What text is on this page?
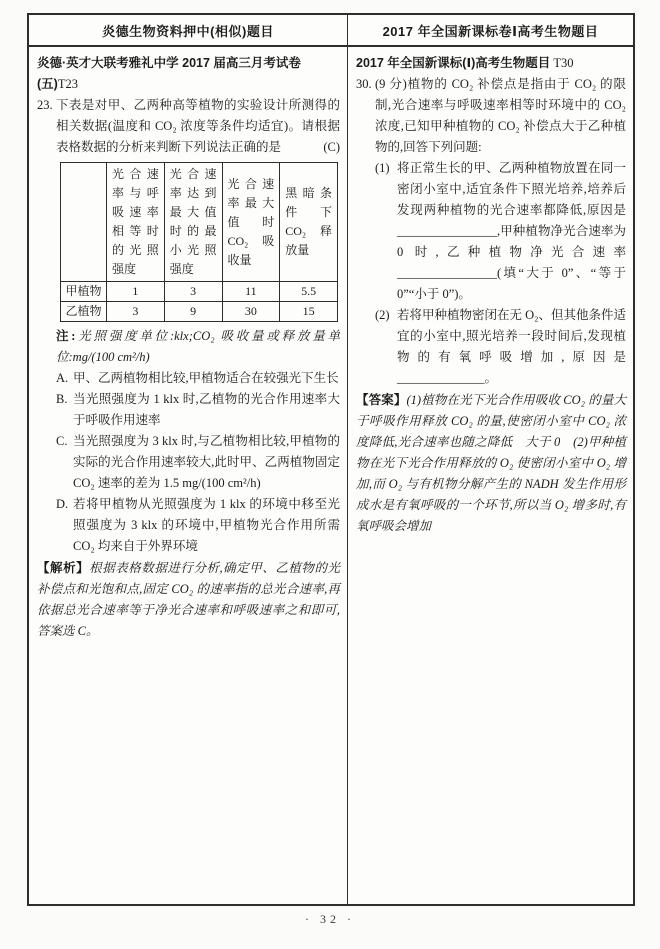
炎德生物资料押中(相似)题目	2017 年全国新课标卷Ⅰ高考生物题目
炎德·英才大联考雅礼中学 2017 届高三月考试卷(五)T23
23. 下表是对甲、乙两种高等植物的实验设计所测得的相关数据(温度和 CO₂ 浓度等条件均适宜)。请根据表格数据的分析来判断下列说法正确的是	(C)
	光合速率与呼吸速率相等时的光照强度	光合速率达到最大值时的最小光照强度	光合速率最大值时 CO₂ 吸收量	黑暗条件下 CO₂ 释放量
甲植物	1	3	11	5.5
乙植物	3	9	30	15
注:光照强度单位:klx;CO₂ 吸收量或释放量单位:mg/(100 cm²/h)
A. 甲、乙两植物相比较,甲植物适合在较强光下生长
B. 当光照强度为 1 klx 时,乙植物的光合作用速率大于呼吸作用速率
C. 当光照强度为 3 klx 时,与乙植物相比较,甲植物的实际的光合作用速率较大,此时甲、乙两植物固定 CO₂ 速率的差为 1.5 mg/(100 cm²/h)
D. 若将甲植物从光照强度为 1 klx 的环境中移至光照强度为 3 klx 的环境中,甲植物光合作用所需 CO₂ 均来自于外界环境
【解析】根据表格数据进行分析,确定甲、乙植物的光补偿点和光饱和点,固定 CO₂ 的速率指的总光合速率,再依据总光合速率等于净光合速率和呼吸速率之和即可,答案选 C。
2017 年全国新课标(Ⅰ)高考生物题目 T30
30. (9 分)植物的 CO₂ 补偿点是指由于 CO₂ 的限制,光合速率与呼吸速率相等时环境中的 CO₂ 浓度,已知甲种植物的 CO₂ 补偿点大于乙种植物的,回答下列问题:
(1) 将正常生长的甲、乙两种植物放置在同一密闭小室中,适宜条件下照光培养,培养后发现两种植物的光合速率都降低,原因是________________,甲种植物净光合速率为 0 时,乙种植物净光合速率________________(填“大于 0”、“等于 0”“小于 0”)。
(2) 若将甲种植物密闭在无 O₂、但其他条件适宜的小室中,照光培养一段时间后,发现植物的有氧呼吸增加,原因是______________。
【答案】(1)植物在光下光合作用吸收 CO₂ 的量大于呼吸作用释放 CO₂ 的量,使密闭小室中 CO₂ 浓度降低,光合速率也随之降低　大于 0　(2)甲种植物在光下光合作用释放的 O₂ 使密闭小室中 O₂ 增加,而 O₂ 与有机物分解产生的 NADH 发生作用形成水是有氧呼吸的一个环节,所以当 O₂ 增多时,有氧呼吸会增加
· 32 ·
